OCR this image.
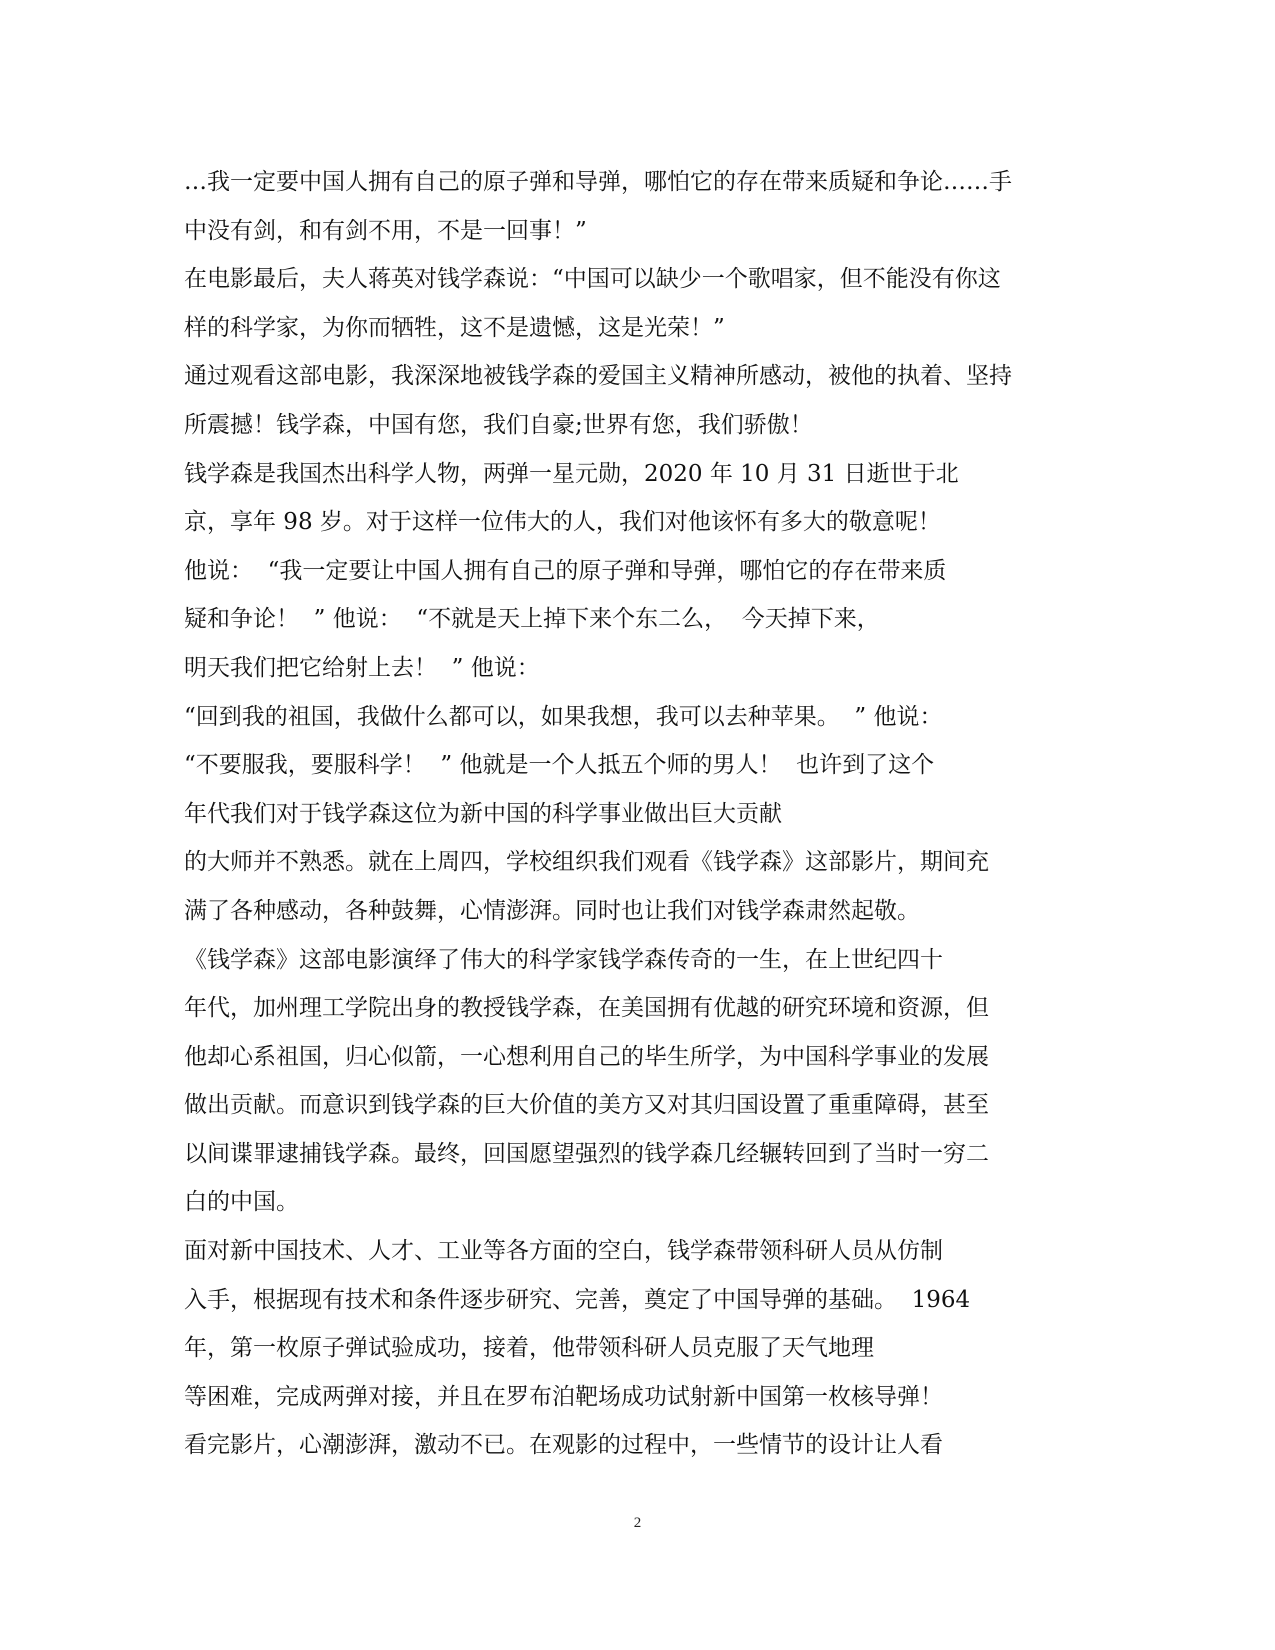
…我一定要中国人拥有自己的原子弹和导弹，哪怕它的存在带来质疑和争论……手
中没有剑，和有剑不用，不是一回事！”
在电影最后，夫人蒋英对钱学森说：“中国可以缺少一个歌唱家，但不能没有你这
样的科学家，为你而牺牲，这不是遗憾，这是光荣！”
通过观看这部电影，我深深地被钱学森的爱国主义精神所感动，被他的执着、坚持
所震撼！钱学森，中国有您，我们自豪;世界有您，我们骄傲！
钱学森是我国杰出科学人物，两弹一星元勋，2020 年 10 月 31 日逝世于北
京，享年 98 岁。对于这样一位伟大的人，我们对他该怀有多大的敬意呢！
他说：  “我一定要让中国人拥有自己的原子弹和导弹，哪怕它的存在带来质
疑和争论！  ” 他说：  “不就是天上掉下来个东二么，  今天掉下来，
明天我们把它给射上去！  ” 他说：
“回到我的祖国，我做什么都可以，如果我想，我可以去种苹果。  ” 他说：
“不要服我，要服科学！  ” 他就是一个人抵五个师的男人！  也许到了这个
年代我们对于钱学森这位为新中国的科学事业做出巨大贡献
的大师并不熟悉。就在上周四，学校组织我们观看《钱学森》这部影片，期间充
满了各种感动，各种鼓舞，心情澎湃。同时也让我们对钱学森肃然起敬。
《钱学森》这部电影演绎了伟大的科学家钱学森传奇的一生，在上世纪四十
年代，加州理工学院出身的教授钱学森，在美国拥有优越的研究环境和资源，但
他却心系祖国，归心似箭，一心想利用自己的毕生所学，为中国科学事业的发展
做出贡献。而意识到钱学森的巨大价值的美方又对其归国设置了重重障碍，甚至
以间谍罪逮捕钱学森。最终，回国愿望强烈的钱学森几经辗转回到了当时一穷二
白的中国。
面对新中国技术、人才、工业等各方面的空白，钱学森带领科研人员从仿制
入手，根据现有技术和条件逐步研究、完善，奠定了中国导弹的基础。  1964
年，第一枚原子弹试验成功，接着，他带领科研人员克服了天气地理
等困难，完成两弹对接，并且在罗布泊靶场成功试射新中国第一枚核导弹！
看完影片，心潮澎湃，激动不已。在观影的过程中，一些情节的设计让人看
2
